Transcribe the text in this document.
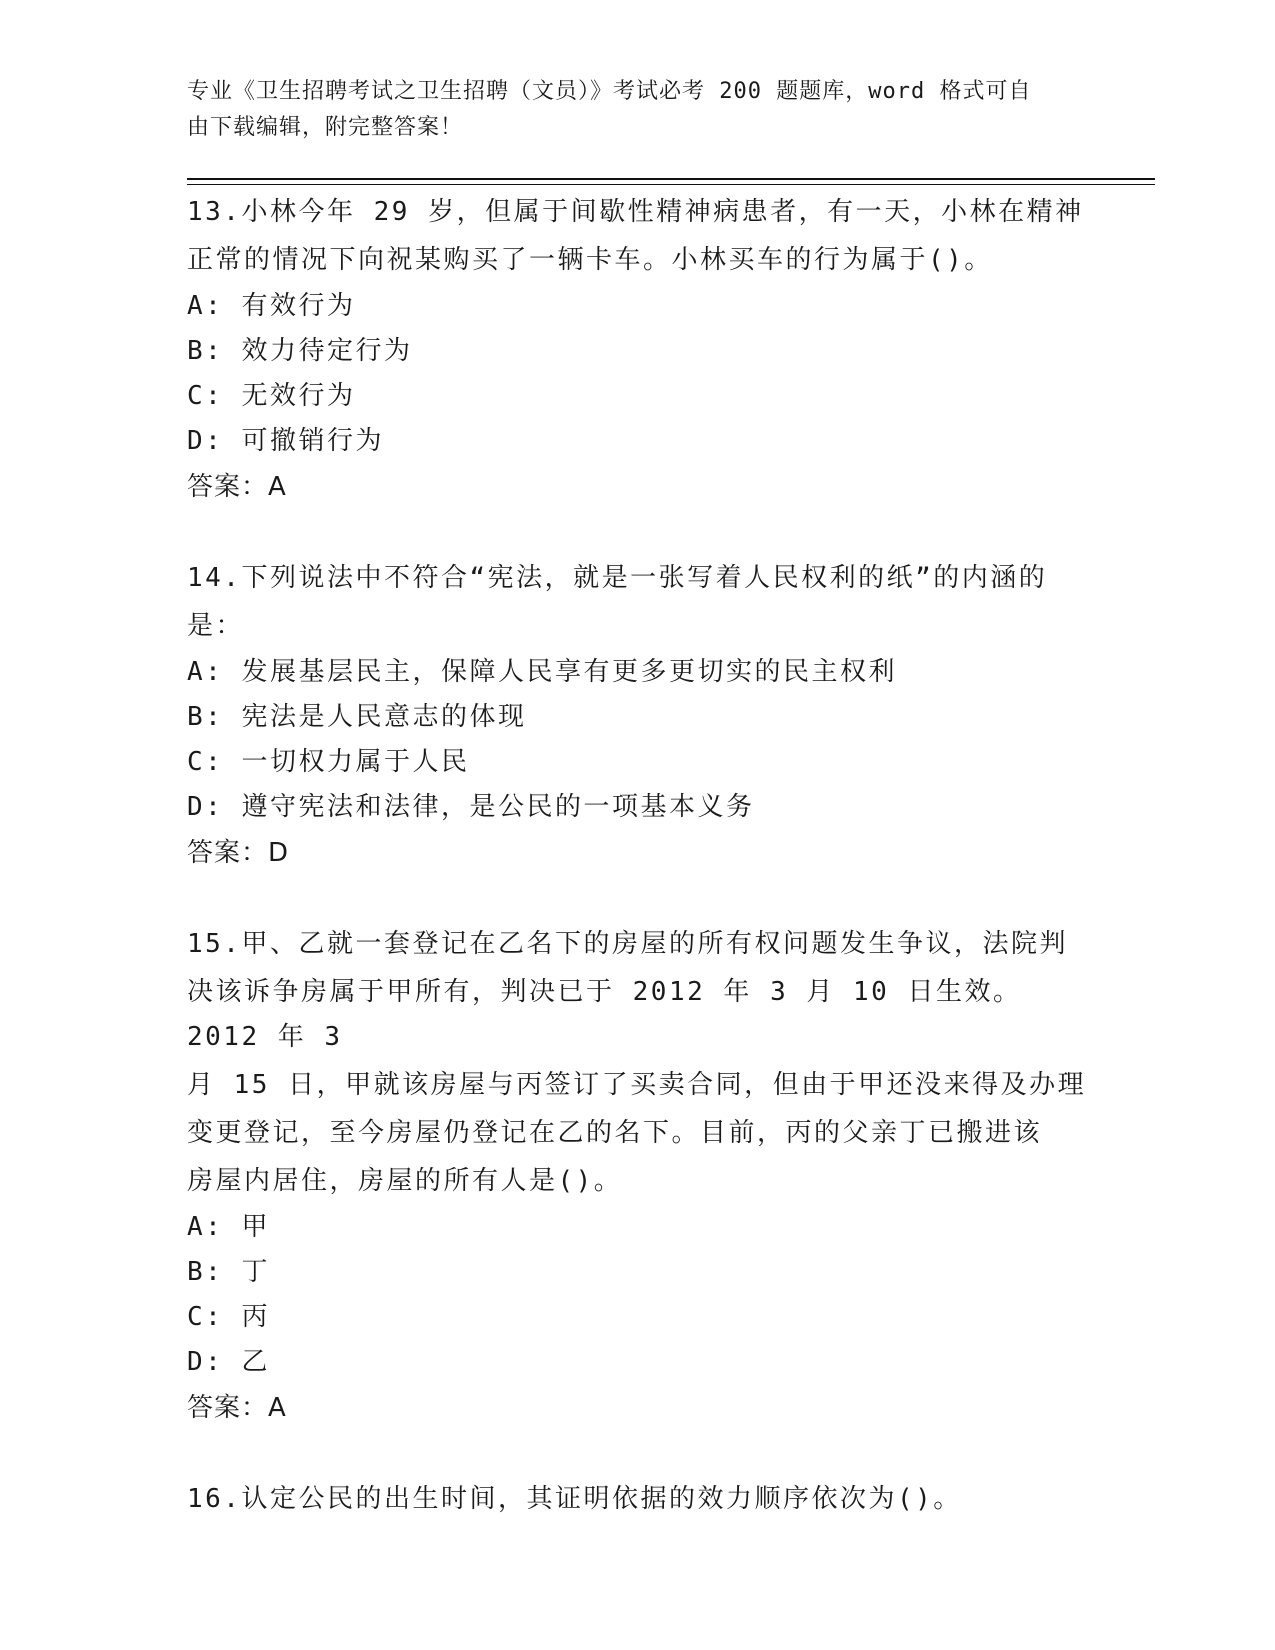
专业《卫生招聘考试之卫生招聘（文员）》考试必考 200 题题库，word 格式可自
由下载编辑，附完整答案！
13.小林今年 29 岁，但属于间歇性精神病患者，有一天，小林在精神
正常的情况下向祝某购买了一辆卡车。小林买车的行为属于()。
A:
有效行为
B:
效力待定行为
C:
无效行为
D:
可撤销行为
答案：A
14.下列说法中不符合“宪法，就是一张写着人民权利的纸”的内涵的
是：
A:
发展基层民主，保障人民享有更多更切实的民主权利
B:
宪法是人民意志的体现
C:
一切权力属于人民
D:
遵守宪法和法律，是公民的一项基本义务
答案：D
15.甲、乙就一套登记在乙名下的房屋的所有权问题发生争议，法院判
决该诉争房属于甲所有，判决已于 2012 年 3 月 10 日生效。2012 年 3
月 15 日，甲就该房屋与丙签订了买卖合同，但由于甲还没来得及办理
变更登记，至今房屋仍登记在乙的名下。目前，丙的父亲丁已搬进该
房屋内居住，房屋的所有人是()。
A:
甲
B:
丁
C:
丙
D:
乙
答案：A
16.认定公民的出生时间，其证明依据的效力顺序依次为()。
